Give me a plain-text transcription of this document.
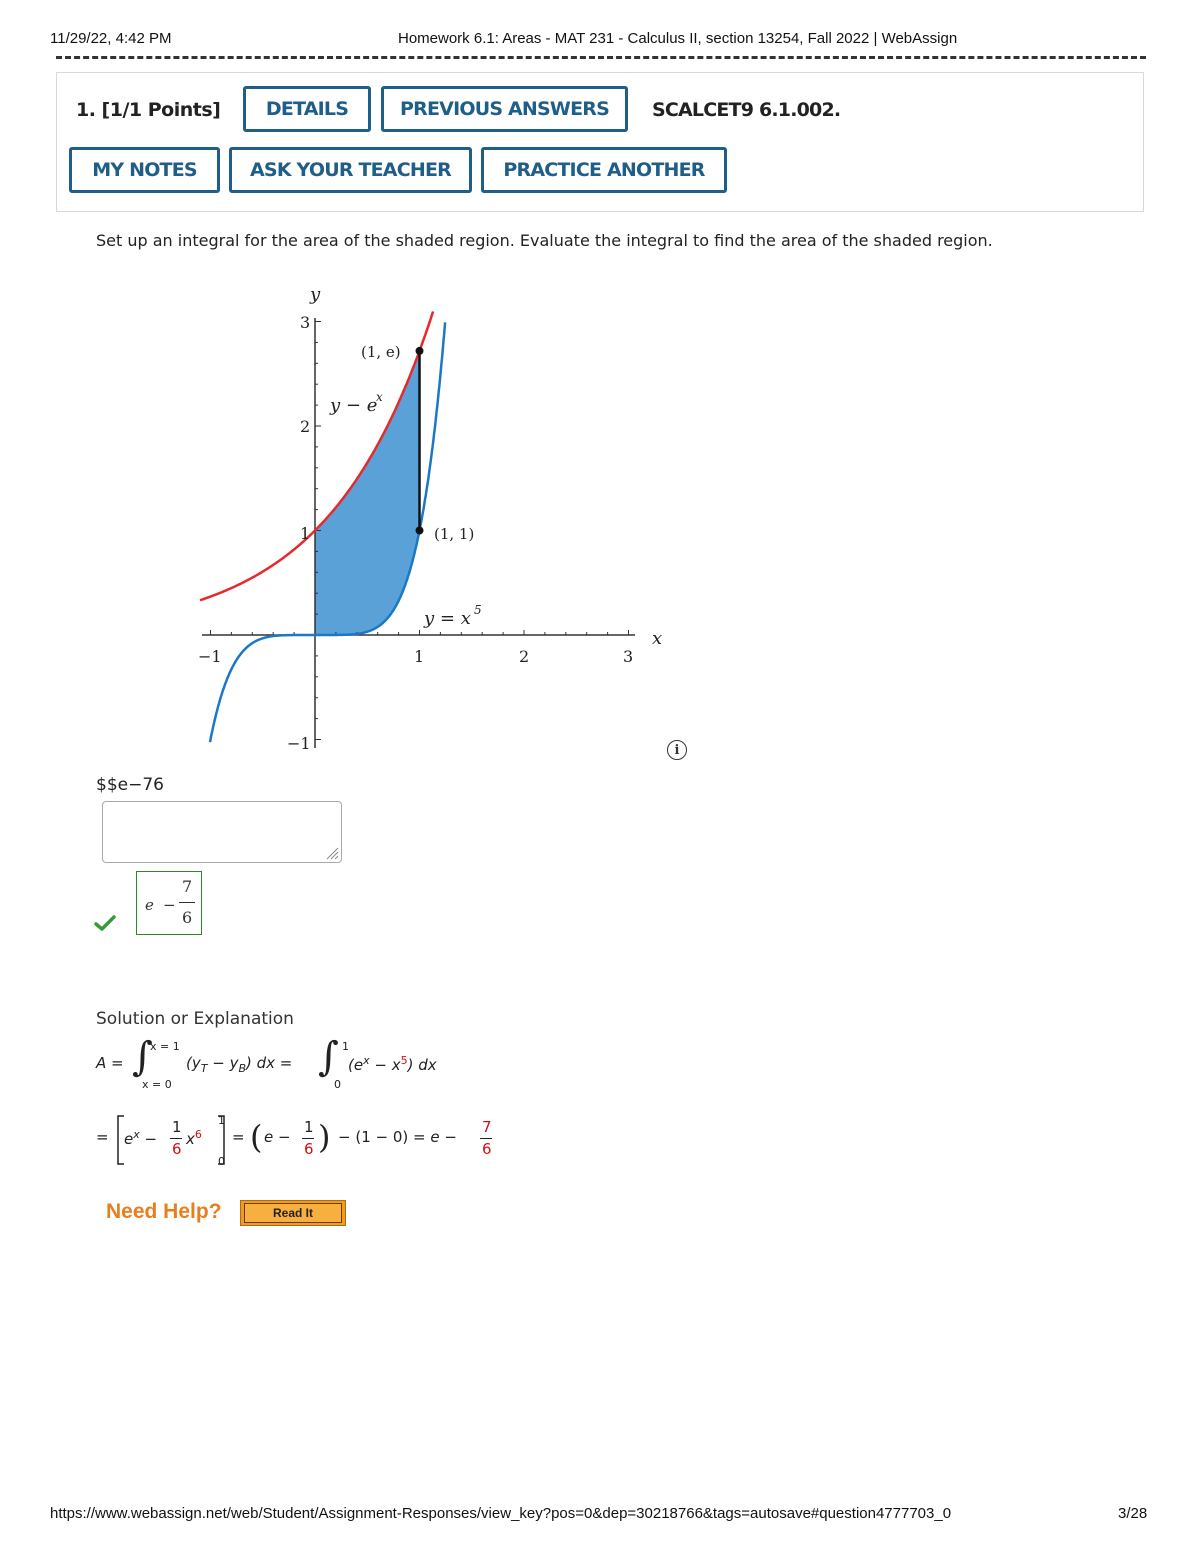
11/29/22, 4:42 PM	Homework 6.1: Areas - MAT 231 - Calculus II, section 13254, Fall 2022 | WebAssign
1. [1/1 Points]	DETAILS	PREVIOUS ANSWERS	SCALCET9 6.1.002.
MY NOTES	ASK YOUR TEACHER	PRACTICE ANOTHER
Set up an integral for the area of the shaded region. Evaluate the integral to find the area of the shaded region.
x
y
−1	1	2	3
3
2
1
−1
(1, e)
(1, 1)
y − e
x
y = x 5
i
$$e−76
e −
7
6
Solution or Explanation
A = ∫
x = 1
x = 0
$(y_T - y_B)$ dx = ∫ 1
0
$(e^x - x^5)$ dx
= $e^x$ −
1
6
$x^6$
1
0
= ( e −
1
6 ) − (1 − 0) = e −
7
6
Need Help?	Read It
https://www.webassign.net/web/Student/Assignment-Responses/view_key?pos=0&dep=30218766&tags=autosave#question4777703_0	3/28
